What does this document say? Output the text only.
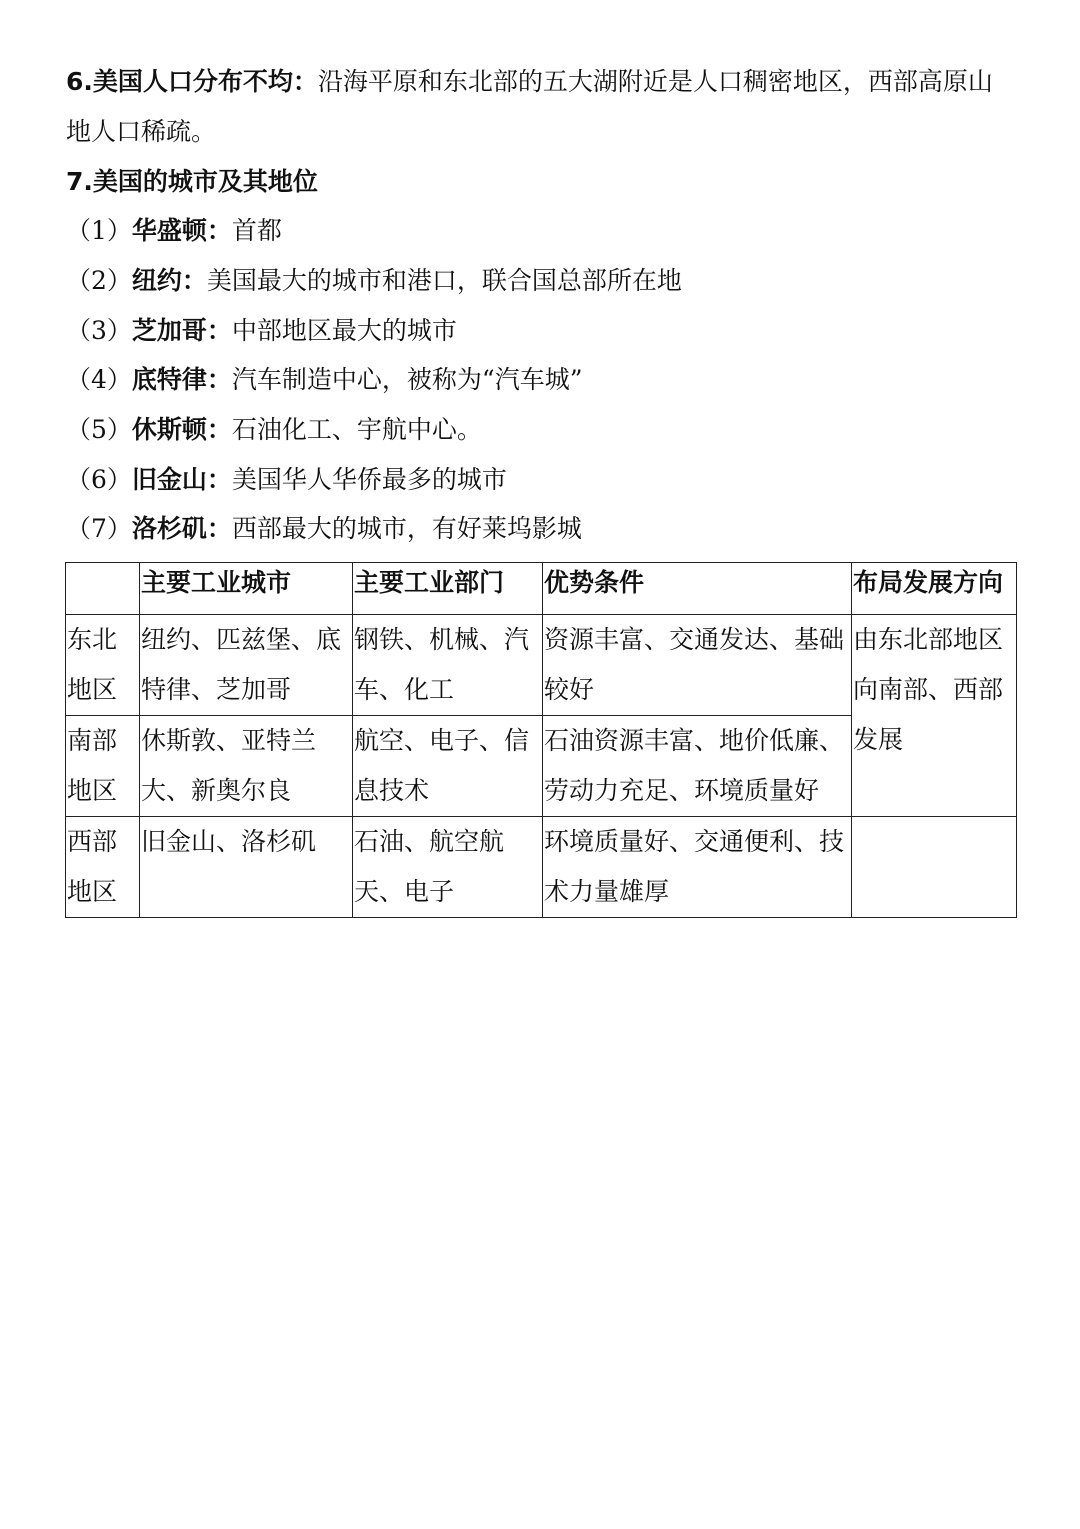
6.美国人口分布不均：沿海平原和东北部的五大湖附近是人口稠密地区，西部高原山
地人口稀疏。
7.美国的城市及其地位
（1）华盛顿：首都
（2）纽约：美国最大的城市和港口，联合国总部所在地
（3）芝加哥：中部地区最大的城市
（4）底特律：汽车制造中心，被称为“汽车城”
（5）休斯顿：石油化工、宇航中心。
（6）旧金山：美国华人华侨最多的城市
（7）洛杉矶：西部最大的城市，有好莱坞影城
	主要工业城市	主要工业部门	优势条件	布局发展方向
东北地区	纽约、匹兹堡、底特律、芝加哥	钢铁、机械、汽车、化工	资源丰富、交通发达、基础较好	由东北部地区向南部、西部发展
南部地区	休斯敦、亚特兰大、新奥尔良	航空、电子、信息技术	石油资源丰富、地价低廉、劳动力充足、环境质量好	
西部地区	旧金山、洛杉矶	石油、航空航天、电子	环境质量好、交通便利、技术力量雄厚	
